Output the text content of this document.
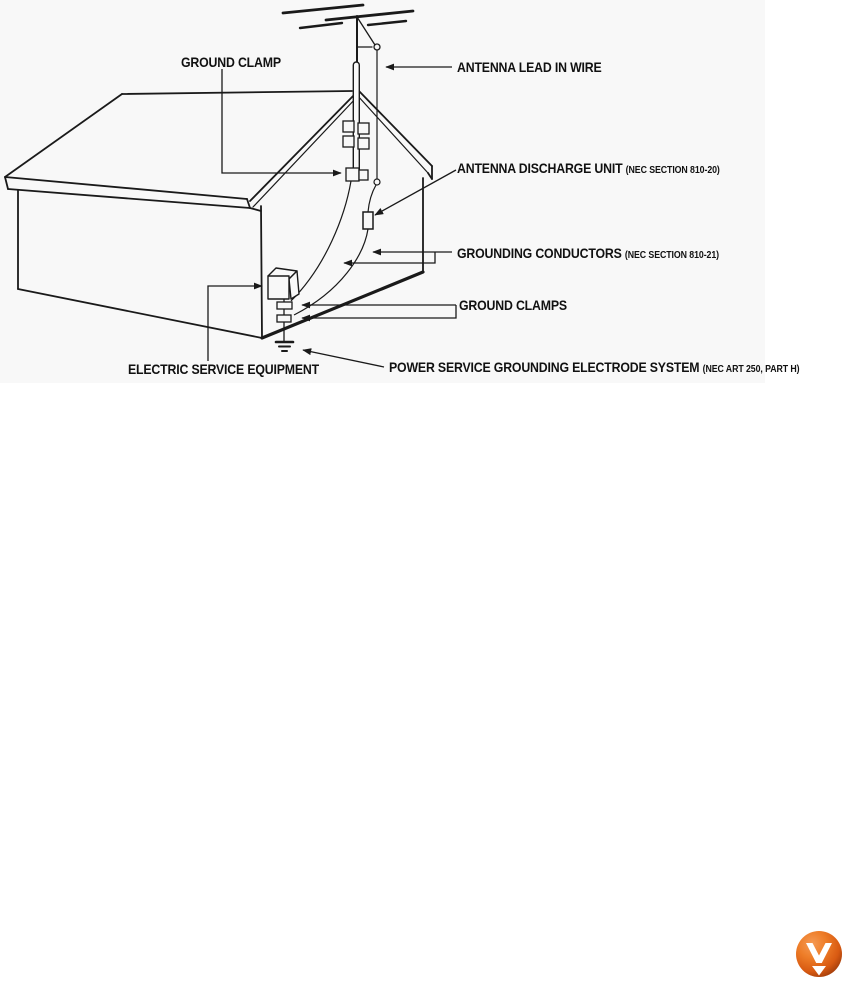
GROUND CLAMP	ANTENNA LEAD IN WIRE
ANTENNA DISCHARGE UNIT (NEC SECTION 810-20)
GROUNDING CONDUCTORS (NEC SECTION 810-21)
GROUND CLAMPS
POWER SERVICE GROUNDING ELECTRODE SYSTEM (NEC ART 250, PART H)
ELECTRIC SERVICE EQUIPMENT
